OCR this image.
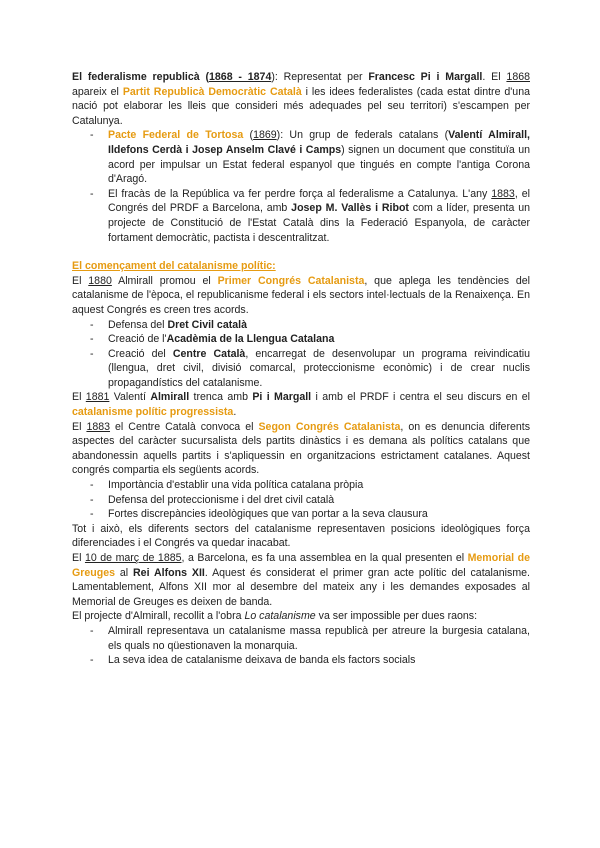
El federalisme republicà (1868 - 1874): Representat per Francesc Pi i Margall. El 1868 apareix el Partit Republicà Democràtic Català i les idees federalistes (cada estat dintre d'una nació pot elaborar les lleis que consideri més adequades pel seu territori) s'escampen per Catalunya.

- Pacte Federal de Tortosa (1869): Un grup de federals catalans (Valentí Almirall, Ildefons Cerdà i Josep Anselm Clavé i Camps) signen un document que constituïa un acord per impulsar un Estat federal espanyol que tingués en compte l'antiga Corona d'Aragó.
- El fracàs de la República va fer perdre força al federalisme a Catalunya. L'any 1883, el Congrés del PRDF a Barcelona, amb Josep M. Vallès i Ribot com a líder, presenta un projecte de Constitució de l'Estat Català dins la Federació Espanyola, de caràcter fortament democràtic, pactista i descentralitzat.

El començament del catalanisme polític:

El 1880 Almirall promou el Primer Congrés Catalanista, que aplega les tendències del catalanisme de l'època, el republicanisme federal i els sectors intel·lectuals de la Renaixença. En aquest Congrés es creen tres acords.

- Defensa del Dret Civil català
- Creació de l'Acadèmia de la Llengua Catalana
- Creació del Centre Català, encarregat de desenvolupar un programa reivindicatiu (llengua, dret civil, divisió comarcal, proteccionisme econòmic) i de crear nuclis propagandístics del catalanisme.

El 1881 Valentí Almirall trenca amb Pi i Margall i amb el PRDF i centra el seu discurs en el catalanisme polític progressista.

El 1883 el Centre Català convoca el Segon Congrés Catalanista, on es denuncia diferents aspectes del caràcter sucursalista dels partits dinàstics i es demana als polítics catalans que abandonessin aquells partits i s'apliquessin en organitzacions estrictament catalanes. Aquest congrés compartia els següents acords.

- Importància d'establir una vida política catalana pròpia
- Defensa del proteccionisme i del dret civil català
- Fortes discrepàncies ideològiques que van portar a la seva clausura

Tot i això, els diferents sectors del catalanisme representaven posicions ideològiques força diferenciades i el Congrés va quedar inacabat.

El 10 de març de 1885, a Barcelona, es fa una assemblea en la qual presenten el Memorial de Greuges al Rei Alfons XII. Aquest és considerat el primer gran acte polític del catalanisme. Lamentablement, Alfons XII mor al desembre del mateix any i les demandes exposades al Memorial de Greuges es deixen de banda.

El projecte d'Almirall, recollit a l'obra Lo catalanisme va ser impossible per dues raons:

- Almirall representava un catalanisme massa republicà per atreure la burgesia catalana, els quals no qüestionaven la monarquia.
- La seva idea de catalanisme deixava de banda els factors socials
